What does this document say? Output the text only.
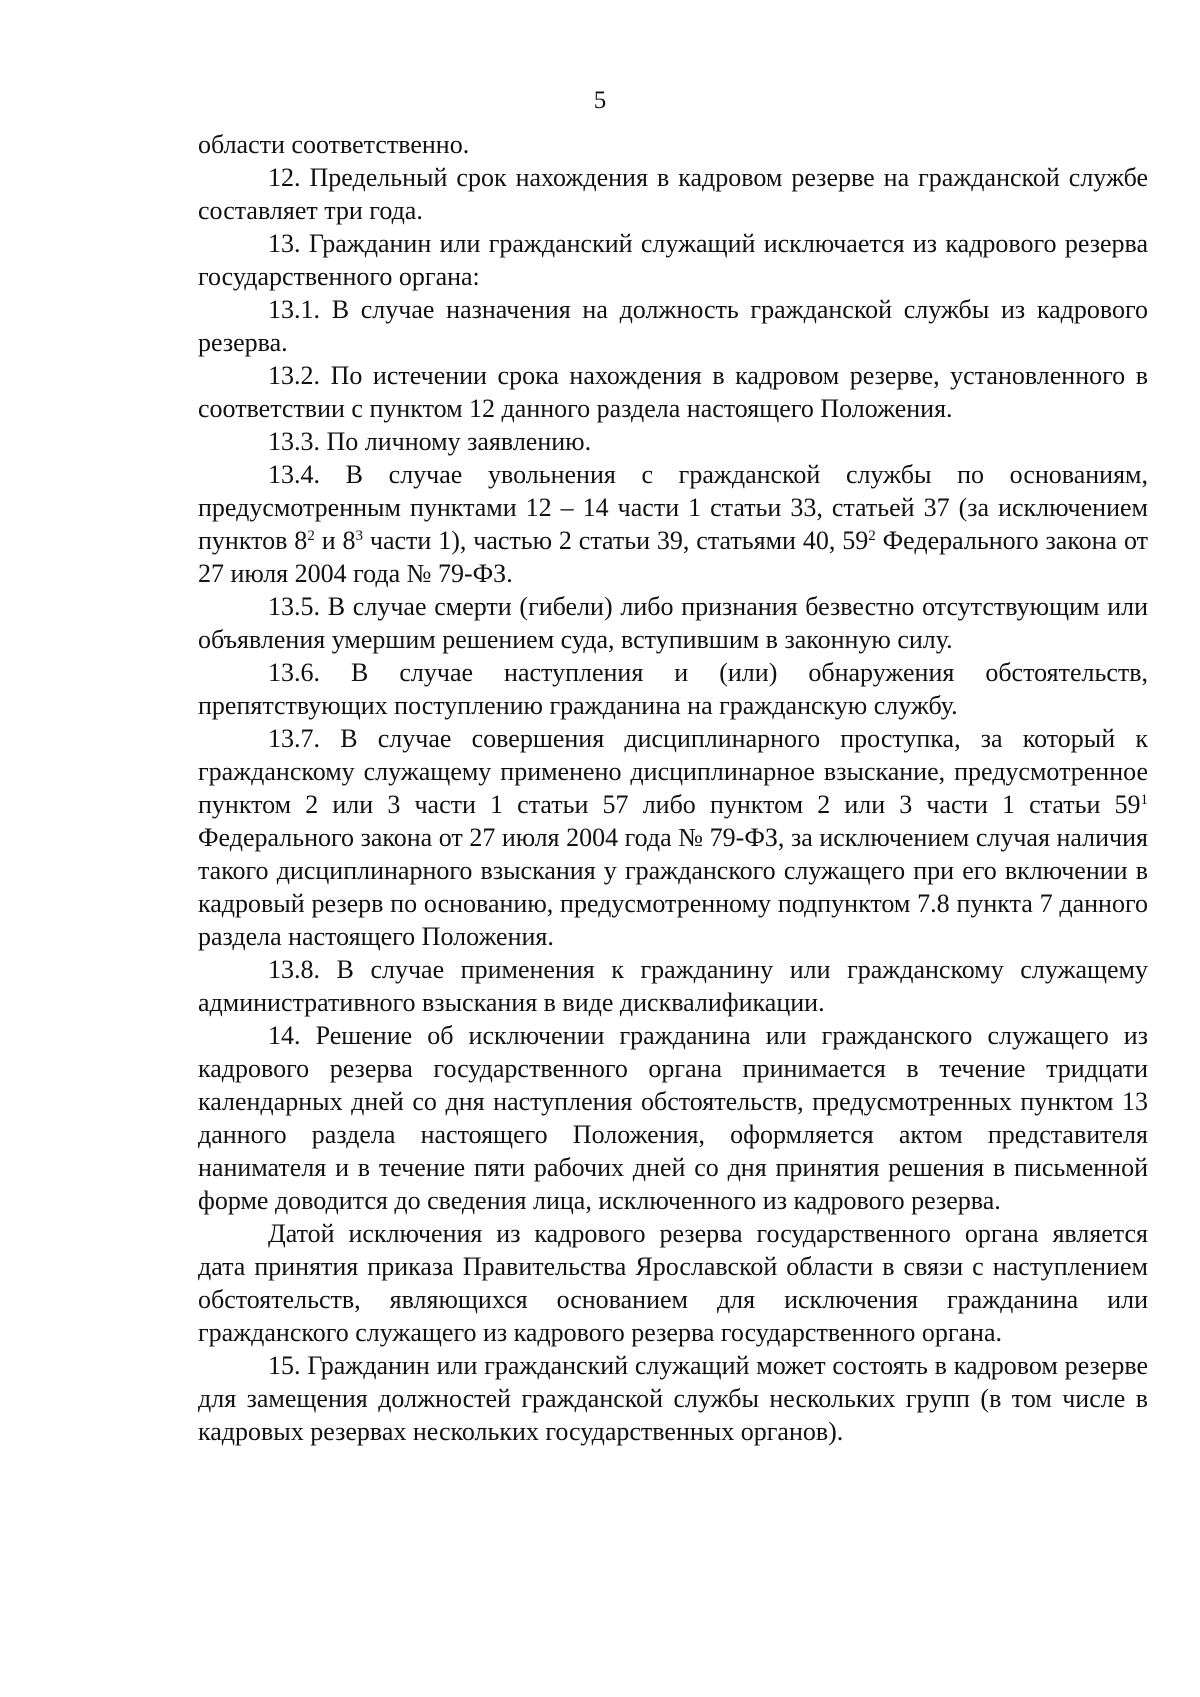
5

области соответственно.

12. Предельный срок нахождения в кадровом резерве на гражданской службе составляет три года.

13. Гражданин или гражданский служащий исключается из кадрового резерва государственного органа:

13.1. В случае назначения на должность гражданской службы из кадрового резерва.

13.2. По истечении срока нахождения в кадровом резерве, установленного в соответствии с пунктом 12 данного раздела настоящего Положения.

13.3. По личному заявлению.

13.4. В случае увольнения с гражданской службы по основаниям, предусмотренным пунктами 12 – 14 части 1 статьи 33, статьей 37 (за исключением пунктов $8^2$ и $8^3$ части 1), частью 2 статьи 39, статьями 40, $59^2$ Федерального закона от 27 июля 2004 года № 79-ФЗ.

13.5. В случае смерти (гибели) либо признания безвестно отсутствующим или объявления умершим решением суда, вступившим в законную силу.

13.6. В случае наступления и (или) обнаружения обстоятельств, препятствующих поступлению гражданина на гражданскую службу.

13.7. В случае совершения дисциплинарного проступка, за который к гражданскому служащему применено дисциплинарное взыскание, предусмотренное пунктом 2 или 3 части 1 статьи 57 либо пунктом 2 или 3 части 1 статьи $59^1$ Федерального закона от 27 июля 2004 года № 79-ФЗ, за исключением случая наличия такого дисциплинарного взыскания у гражданского служащего при его включении в кадровый резерв по основанию, предусмотренному подпунктом 7.8 пункта 7 данного раздела настоящего Положения.

13.8. В случае применения к гражданину или гражданскому служащему административного взыскания в виде дисквалификации.

14. Решение об исключении гражданина или гражданского служащего из кадрового резерва государственного органа принимается в течение тридцати календарных дней со дня наступления обстоятельств, предусмотренных пунктом 13 данного раздела настоящего Положения, оформляется актом представителя нанимателя и в течение пяти рабочих дней со дня принятия решения в письменной форме доводится до сведения лица, исключенного из кадрового резерва.

Датой исключения из кадрового резерва государственного органа является дата принятия приказа Правительства Ярославской области в связи с наступлением обстоятельств, являющихся основанием для исключения гражданина или гражданского служащего из кадрового резерва государственного органа.

15. Гражданин или гражданский служащий может состоять в кадровом резерве для замещения должностей гражданской службы нескольких групп (в том числе в кадровых резервах нескольких государственных органов).
